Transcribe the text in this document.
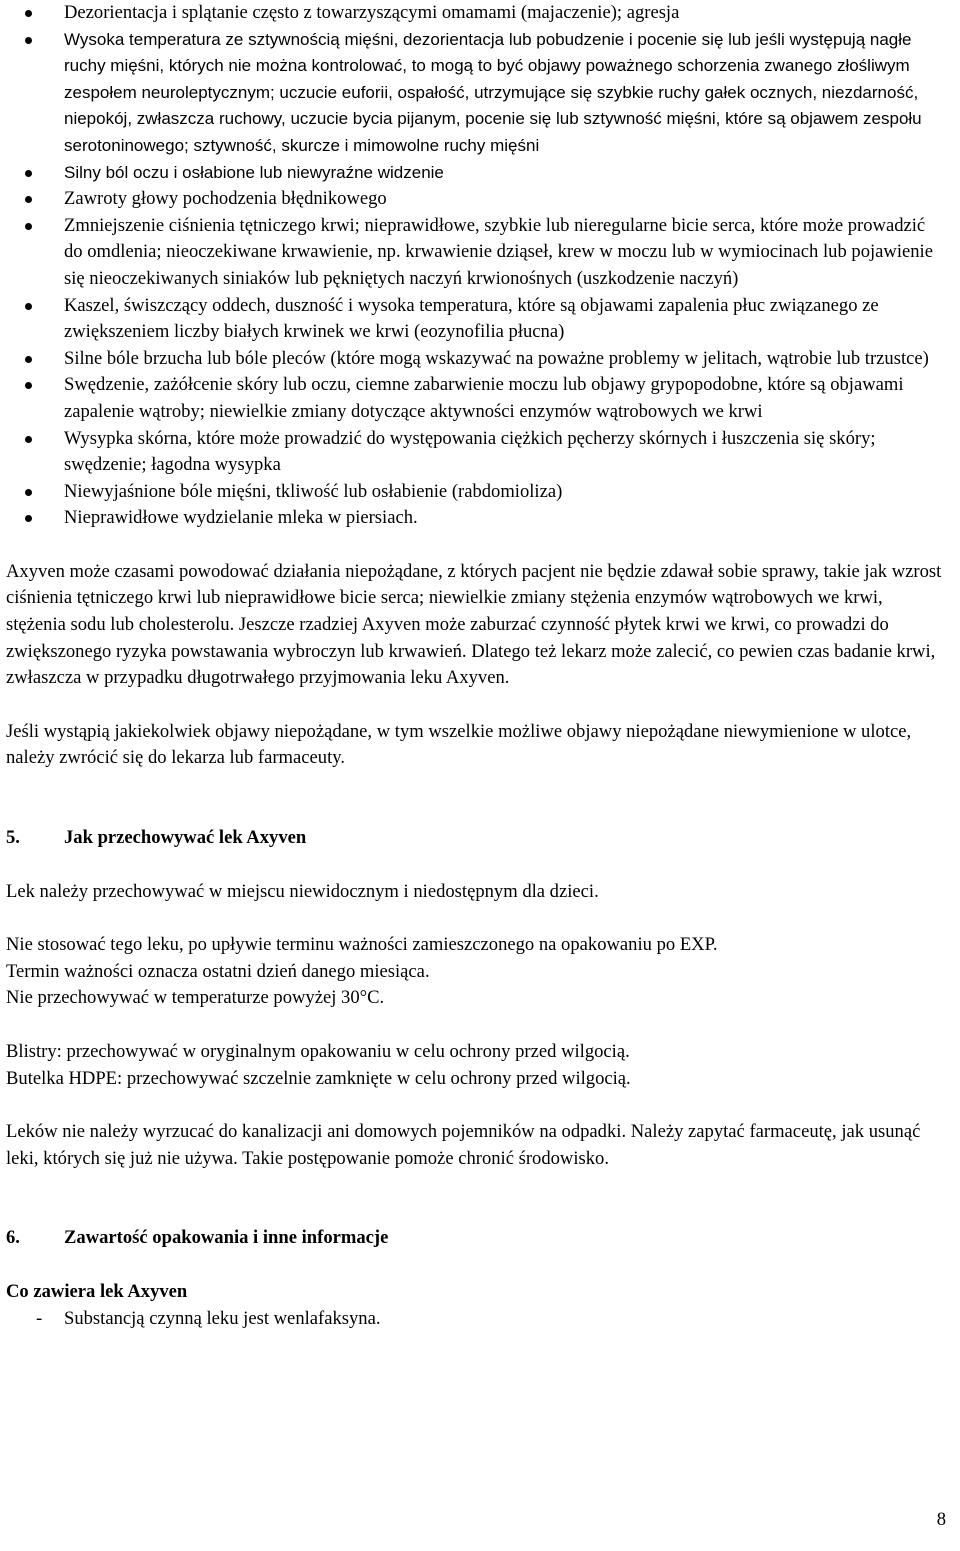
Dezorientacja i splątanie często z towarzyszącymi omamami (majaczenie); agresja
Wysoka temperatura ze sztywnością mięśni, dezorientacja lub pobudzenie i pocenie się lub jeśli występują nagłe ruchy mięśni, których nie można kontrolować, to mogą to być objawy poważnego schorzenia zwanego złośliwym zespołem neuroleptycznym; uczucie euforii, ospałość, utrzymujące się szybkie ruchy gałek ocznych, niezdarność, niepokój, zwłaszcza ruchowy, uczucie bycia pijanym, pocenie się lub sztywność mięśni, które są objawem zespołu serotoninowego; sztywność, skurcze i mimowolne ruchy mięśni
Silny ból oczu i osłabione lub niewyraźne widzenie
Zawroty głowy pochodzenia błędnikowego
Zmniejszenie ciśnienia tętniczego krwi; nieprawidłowe, szybkie lub nieregularne bicie serca, które może prowadzić do omdlenia; nieoczekiwane krwawienie, np. krwawienie dziąseł, krew w moczu lub w wymiocinach lub pojawienie się nieoczekiwanych siniaków lub pękniętych naczyń krwionośnych (uszkodzenie naczyń)
Kaszel, świszczący oddech, duszność i wysoka temperatura, które są objawami zapalenia płuc związanego ze zwiększeniem liczby białych krwinek we krwi (eozynofilia płucna)
Silne bóle brzucha lub bóle pleców (które mogą wskazywać na poważne problemy w jelitach, wątrobie lub trzustce)
Swędzenie, zażółcenie skóry lub oczu, ciemne zabarwienie moczu lub objawy grypopodobne, które są objawami zapalenie wątroby; niewielkie zmiany dotyczące aktywności enzymów wątrobowych we krwi
Wysypka skórna, które może prowadzić do występowania ciężkich pęcherzy skórnych i łuszczenia się skóry; swędzenie; łagodna wysypka
Niewyjaśnione bóle mięśni, tkliwość lub osłabienie (rabdomioliza)
Nieprawidłowe wydzielanie mleka w piersiach.

Axyven może czasami powodować działania niepożądane, z których pacjent nie będzie zdawał sobie sprawy, takie jak wzrost ciśnienia tętniczego krwi lub nieprawidłowe bicie serca; niewielkie zmiany stężenia enzymów wątrobowych we krwi, stężenia sodu lub cholesterolu. Jeszcze rzadziej Axyven może zaburzać czynność płytek krwi we krwi, co prowadzi do zwiększonego ryzyka powstawania wybroczyn lub krwawień. Dlatego też lekarz może zalecić, co pewien czas badanie krwi, zwłaszcza w przypadku długotrwałego przyjmowania leku Axyven.

Jeśli wystąpią jakiekolwiek objawy niepożądane, w tym wszelkie możliwe objawy niepożądane niewymienione w ulotce, należy zwrócić się do lekarza lub farmaceuty.

5. Jak przechowywać lek Axyven

Lek należy przechowywać w miejscu niewidocznym i niedostępnym dla dzieci.

Nie stosować tego leku, po upływie terminu ważności zamieszczonego na opakowaniu po EXP.
Termin ważności oznacza ostatni dzień danego miesiąca.
Nie przechowywać w temperaturze powyżej 30°C.

Blistry: przechowywać w oryginalnym opakowaniu w celu ochrony przed wilgocią.
Butelka HDPE: przechowywać szczelnie zamknięte w celu ochrony przed wilgocią.

Leków nie należy wyrzucać do kanalizacji ani domowych pojemników na odpadki. Należy zapytać farmaceutę, jak usunąć leki, których się już nie używa. Takie postępowanie pomoże chronić środowisko.

6. Zawartość opakowania i inne informacje

Co zawiera lek Axyven

- Substancją czynną leku jest wenlafaksyna.
8
